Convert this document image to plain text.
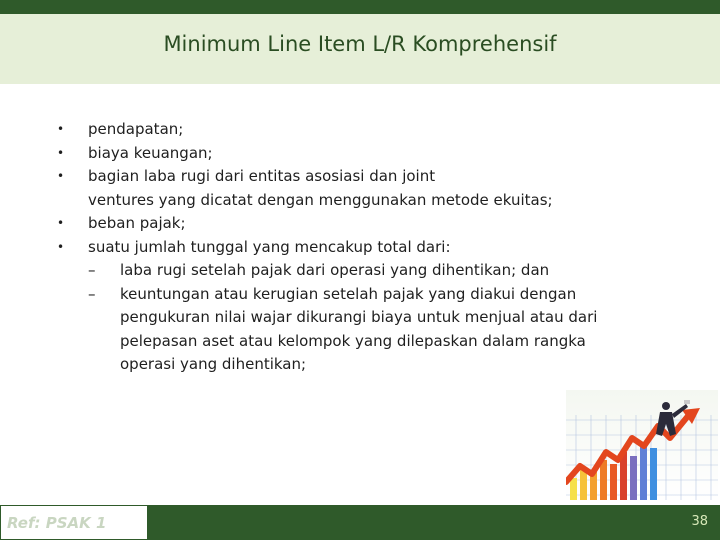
Minimum Line Item L/R Komprehensif
• pendapatan;
• biaya keuangan;
• bagian laba rugi dari entitas asosiasi dan joint
ventures yang dicatat dengan menggunakan metode ekuitas;
• beban pajak;
• suatu jumlah tunggal yang mencakup total dari:
– laba rugi setelah pajak dari operasi yang dihentikan; dan
– keuntungan atau kerugian setelah pajak yang diakui dengan
pengukuran nilai wajar dikurangi biaya untuk menjual atau dari
pelepasan aset atau kelompok yang dilepaskan dalam rangka
operasi yang dihentikan;
Ref: PSAK 1	38
